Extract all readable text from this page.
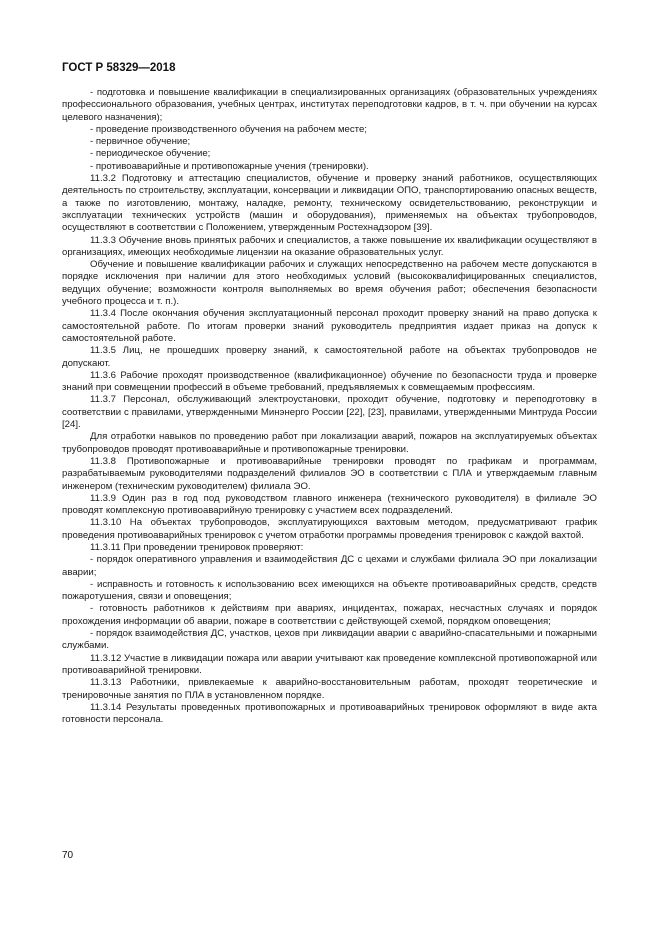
ГОСТ Р 58329—2018

- подготовка и повышение квалификации в специализированных организациях (образовательных учреждениях профессионального образования, учебных центрах, институтах переподготовки кадров, в т. ч. при обучении на курсах целевого назначения);

- проведение производственного обучения на рабочем месте;

- первичное обучение;

- периодическое обучение;

- противоаварийные и противопожарные учения (тренировки).

11.3.2 Подготовку и аттестацию специалистов, обучение и проверку знаний работников, осуществляющих деятельность по строительству, эксплуатации, консервации и ликвидации ОПО, транспортированию опасных веществ, а также по изготовлению, монтажу, наладке, ремонту, техническому освидетельствованию, реконструкции и эксплуатации технических устройств (машин и оборудования), применяемых на объектах трубопроводов, осуществляют в соответствии с Положением, утвержденным Ростехнадзором [39].

11.3.3 Обучение вновь принятых рабочих и специалистов, а также повышение их квалификации осуществляют в организациях, имеющих необходимые лицензии на оказание образовательных услуг.

Обучение и повышение квалификации рабочих и служащих непосредственно на рабочем месте допускаются в порядке исключения при наличии для этого необходимых условий (высококвалифицированных специалистов, ведущих обучение; возможности контроля выполняемых во время обучения работ; обеспечения безопасности учебного процесса и т. п.).

11.3.4 После окончания обучения эксплуатационный персонал проходит проверку знаний на право допуска к самостоятельной работе. По итогам проверки знаний руководитель предприятия издает приказ на допуск к самостоятельной работе.

11.3.5 Лиц, не прошедших проверку знаний, к самостоятельной работе на объектах трубопроводов не допускают.

11.3.6 Рабочие проходят производственное (квалификационное) обучение по безопасности труда и проверке знаний при совмещении профессий в объеме требований, предъявляемых к совмещаемым профессиям.

11.3.7 Персонал, обслуживающий электроустановки, проходит обучение, подготовку и переподготовку в соответствии с правилами, утвержденными Минэнерго России [22], [23], правилами, утвержденными Минтруда России [24].

Для отработки навыков по проведению работ при локализации аварий, пожаров на эксплуатируемых объектах трубопроводов проводят противоаварийные и противопожарные тренировки.

11.3.8 Противопожарные и противоаварийные тренировки проводят по графикам и программам, разрабатываемым руководителями подразделений филиалов ЭО в соответствии с ПЛА и утверждаемым главным инженером (техническим руководителем) филиала ЭО.

11.3.9 Один раз в год под руководством главного инженера (технического руководителя) в филиале ЭО проводят комплексную противоаварийную тренировку с участием всех подразделений.

11.3.10 На объектах трубопроводов, эксплуатирующихся вахтовым методом, предусматривают график проведения противоаварийных тренировок с учетом отработки программы проведения тренировок с каждой вахтой.

11.3.11 При проведении тренировок проверяют:

- порядок оперативного управления и взаимодействия ДС с цехами и службами филиала ЭО при локализации аварии;

- исправность и готовность к использованию всех имеющихся на объекте противоаварийных средств, средств пожаротушения, связи и оповещения;

- готовность работников к действиям при авариях, инцидентах, пожарах, несчастных случаях и порядок прохождения информации об аварии, пожаре в соответствии с действующей схемой, порядком оповещения;

- порядок взаимодействия ДС, участков, цехов при ликвидации аварии с аварийно-спасательными и пожарными службами.

11.3.12 Участие в ликвидации пожара или аварии учитывают как проведение комплексной противопожарной или противоаварийной тренировки.

11.3.13 Работники, привлекаемые к аварийно-восстановительным работам, проходят теоретические и тренировочные занятия по ПЛА в установленном порядке.

11.3.14 Результаты проведенных противопожарных и противоаварийных тренировок оформляют в виде акта готовности персонала.

70
